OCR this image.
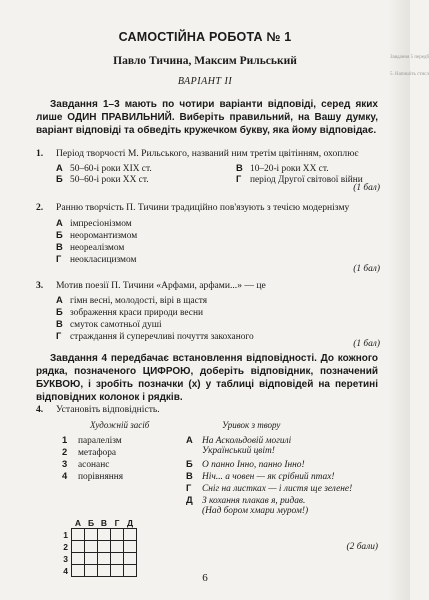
Завдання 5 передб
5. Напишіть стисл
САМОСТІЙНА РОБОТА № 1
Павло Тичина, Максим Рильський
ВАРІАНТ ІІ
Завдання 1–3 мають по чотири варіанти відповіді, серед яких лише ОДИН ПРАВИЛЬНИЙ. Виберіть правильний, на Вашу думку, варіант відповіді та обведіть кружечком букву, яка йому відповідає.
1. Період творчості М. Рильського, названий ним третім цвітінням, охоплює
А 50–60-і роки ХІХ ст.
Б 50–60-і роки ХХ ст.
В 10–20-і роки ХХ ст.
Г період Другої світової війни
(1 бал)
2. Ранню творчість П. Тичини традиційно пов'язують з течією модернізму
А імпресіонізмом
Б неоромантизмом
В неореалізмом
Г неокласицизмом
(1 бал)
3. Мотив поезії П. Тичини «Арфами, арфами...» — це
А гімн весні, молодості, вірі в щастя
Б зображення краси природи весни
В смуток самотньої душі
Г страждання й суперечливі почуття закоханого
(1 бал)
Завдання 4 передбачає встановлення відповідності. До кожного рядка, позначеного ЦИФРОЮ, доберіть відповідник, позначений БУКВОЮ, і зробіть позначки (х) у таблиці відповідей на перетині відповідних колонок і рядків.
4. Установіть відповідність.
Художній засіб	Уривок з твору
1 паралелізм
2 метафора
3 асонанс
4 порівняння
А На Аскольдовій могилі
Український цвіт!
Б О панно Інно, панно Інно!
В Ніч... а човен — як срібний птах!
Г Сніг на листках — і листя ще зелене!
Д З кохання плакав я, ридав.
(Над бором хмари муром!)
	А	Б	В	Г	Д
1					
2					
3					
4					
(2 бали)
6
